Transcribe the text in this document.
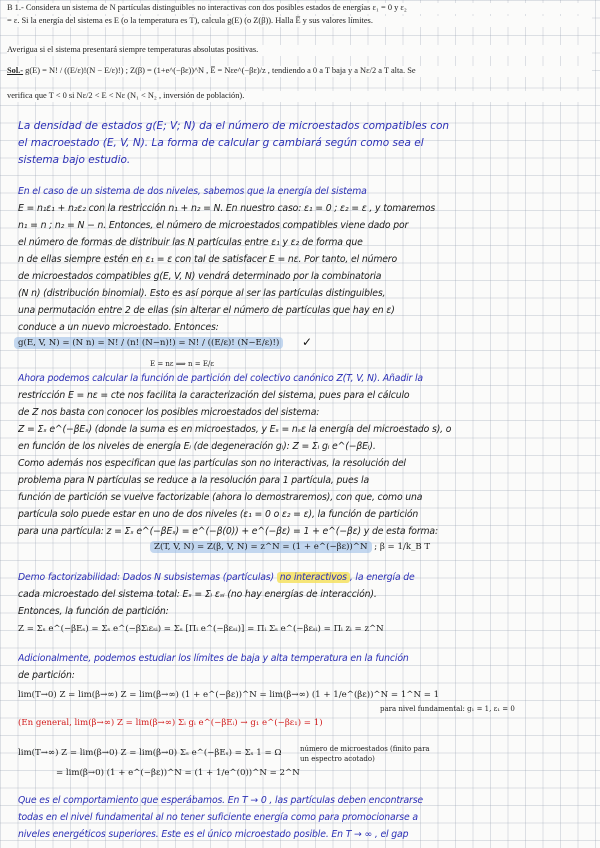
B 1.- Considera un sistema de N partículas distinguibles no interactivas con dos posibles estados de energías ε₁ = 0 y ε₂
= ε. Si la energía del sistema es E (o la temperatura es T), calcula g(E) (o Z(β)). Halla E̅ y sus valores límites.
Averigua si el sistema presentará siempre temperaturas absolutas positivas.
Sol.- g(E) = N! / ((E/ε)!(N − E/ε)!) ; Z(β) = (1+e^(−βε))^N , E̅ = Nεe^(−βε)/z , tendiendo a 0 a T baja y a Nε/2 a T alta. Se
verifica que T < 0 si Nε/2 < E < Nε (N₁ < N₂ , inversión de población).
La densidad de estados g(E; V; N) da el número de microestados compatibles con
el macroestado (E, V, N). La forma de calcular g cambiará según como sea el
sistema bajo estudio.
En el caso de un sistema de dos niveles, sabemos que la energía del sistema
E = n₁ε₁ + n₂ε₂ con la restricción n₁ + n₂ = N. En nuestro caso: ε₁ = 0 ; ε₂ = ε , y tomaremos
n₁ = n ; n₂ = N − n. Entonces, el número de microestados compatibles viene dado por
el número de formas de distribuir las N partículas entre ε₁ y ε₂ de forma que
n de ellas siempre estén en ε₁ = ε con tal de satisfacer E = nε. Por tanto, el número
de microestados compatibles g(E, V, N) vendrá determinado por la combinatoria
(N n) (distribución binomial). Esto es así porque al ser las partículas distinguibles,
una permutación entre 2 de ellas (sin alterar el número de partículas que hay en ε)
conduce a un nuevo microestado. Entonces:
g(E, V, N) = (N n) = N! / (n! (N−n)!) = N! / ((E/ε)! (N−E/ε)!)	✓
E = nε ⟹ n = E/ε
Ahora podemos calcular la función de partición del colectivo canónico Z(T, V, N). Añadir la
restricción E = nε = cte nos facilita la caracterización del sistema, pues para el cálculo
de Z nos basta con conocer los posibles microestados del sistema:
Z = Σₛ e^(−βEₛ) (donde la suma es en microestados, y Eₛ = nₛε la energía del microestado s), o
en función de los niveles de energía Eᵢ (de degeneración gᵢ): Z = Σᵢ gᵢ e^(−βEᵢ).
Como además nos especifican que las partículas son no interactivas, la resolución del
problema para N partículas se reduce a la resolución para 1 partícula, pues la
función de partición se vuelve factorizable (ahora lo demostraremos), con que, como una
partícula solo puede estar en uno de dos niveles (ε₁ = 0 o ε₂ = ε), la función de partición
para una partícula: z = Σₛ e^(−βEₛ) = e^(−β(0)) + e^(−βε) = 1 + e^(−βε) y de esta forma:
Z(T, V, N) = Z(β, V, N) = z^N = (1 + e^(−βε))^N ; β = 1/k_B T
Demo factorizabilidad: Dados N subsistemas (partículas) no interactivos , la energía de
cada microestado del sistema total: Eₛ = Σᵢ εₛᵢ (no hay energías de interacción).
Entonces, la función de partición:
Z = Σₛ e^(−βEₛ) = Σₛ e^(−βΣᵢεₛᵢ) = Σₛ [Πᵢ e^(−βεₛᵢ)] = Πᵢ Σₛ e^(−βεₛᵢ) = Πᵢ zᵢ = z^N
Adicionalmente, podemos estudiar los límites de baja y alta temperatura en la función
de partición:
lim(T→0) Z = lim(β→∞) Z = lim(β→∞) (1 + e^(−βε))^N = lim(β→∞) (1 + 1/e^(βε))^N = 1^N = 1
para nivel fundamental: g₁ = 1, ε₁ = 0
(En general, lim(β→∞) Z = lim(β→∞) Σᵢ gᵢ e^(−βEᵢ) → g₁ e^(−βε₁) = 1)
lim(T→∞) Z = lim(β→0) Z = lim(β→0) Σₛ e^(−βEₛ) = Σₛ 1 = Ω	número de microestados (finito para
un espectro acotado)
= lim(β→0) (1 + e^(−βε))^N = (1 + 1/e^(0))^N = 2^N
Que es el comportamiento que esperábamos. En T → 0 , las partículas deben encontrarse
todas en el nivel fundamental al no tener suficiente energía como para promocionarse a
niveles energéticos superiores. Este es el único microestado posible. En T → ∞ , el gap
